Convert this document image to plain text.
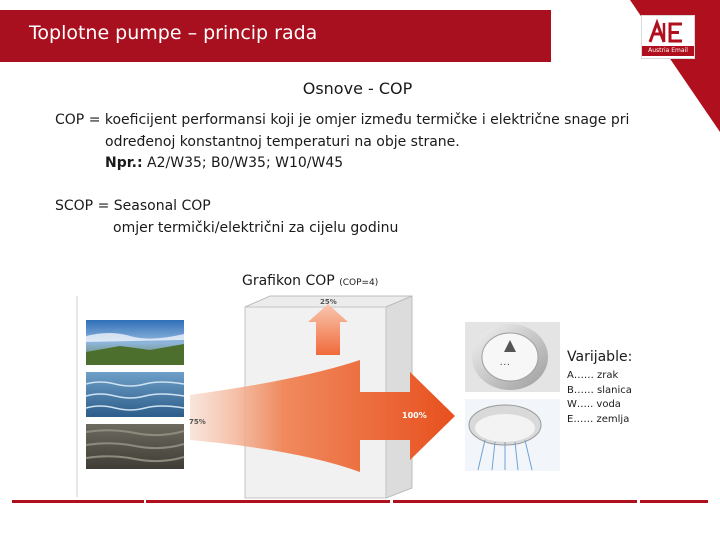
Toplotne pumpe – princip rada
Austria Email
Osnove - COP
COP = koeficijent performansi koji je omjer između termičke i električne snage pri
određenoj konstantnoj temperaturi na obje strane.
Npr.: A2/W35; B0/W35; W10/W45
SCOP = Seasonal COP
omjer termički/električni za cijelu godinu
Grafikon COP (COP=4)
• • •
25%
75%
100%
Varijable:
A…… zrak
B…… slanica
W….. voda
E…… zemlja
